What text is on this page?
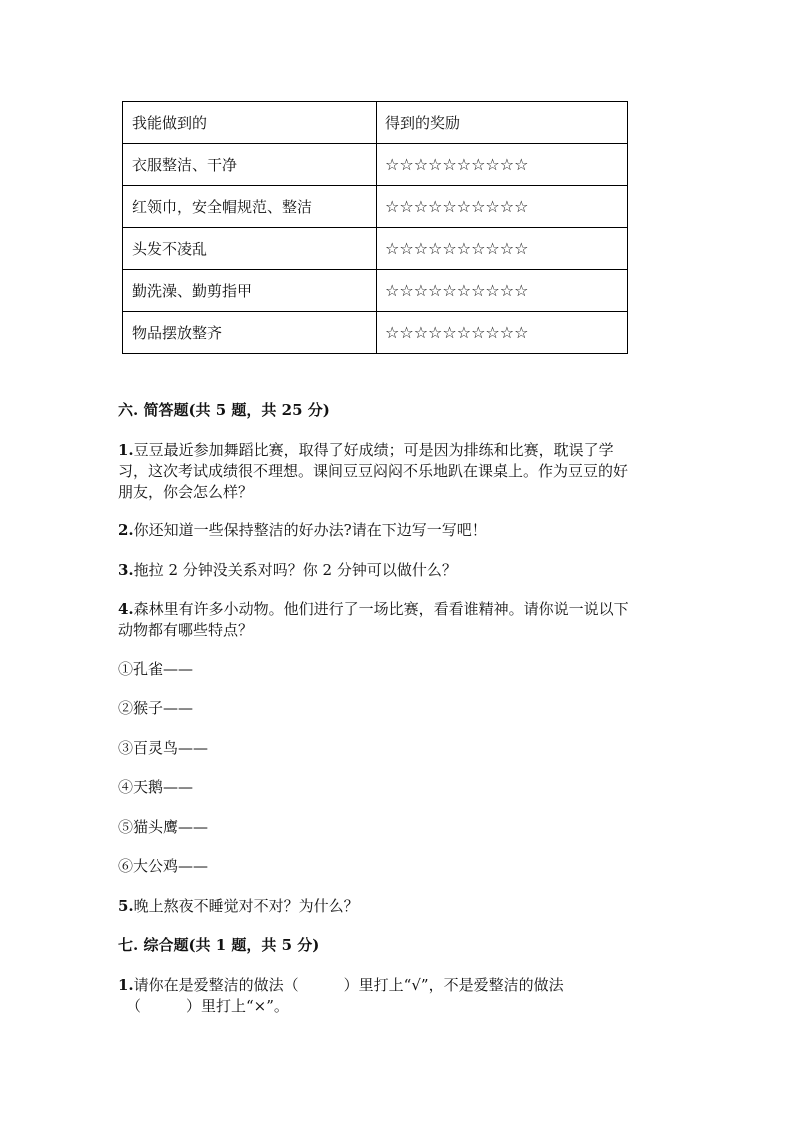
我能做到的	得到的奖励
衣服整洁、干净	☆☆☆☆☆☆☆☆☆☆
红领巾，安全帽规范、整洁	☆☆☆☆☆☆☆☆☆☆
头发不凌乱	☆☆☆☆☆☆☆☆☆☆
勤洗澡、勤剪指甲	☆☆☆☆☆☆☆☆☆☆
物品摆放整齐	☆☆☆☆☆☆☆☆☆☆
六. 简答题(共 5 题，共 25 分)
1.豆豆最近参加舞蹈比赛，取得了好成绩；可是因为排练和比赛，耽误了学
习，这次考试成绩很不理想。课间豆豆闷闷不乐地趴在课桌上。作为豆豆的好
朋友，你会怎么样？
2.你还知道一些保持整洁的好办法?请在下边写一写吧！
3.拖拉 2 分钟没关系对吗？你 2 分钟可以做什么？
4.森林里有许多小动物。他们进行了一场比赛，看看谁精神。请你说一说以下
动物都有哪些特点？
①孔雀——
②猴子——
③百灵鸟——
④天鹅——
⑤猫头鹰——
⑥大公鸡——
5.晚上熬夜不睡觉对不对？为什么？
七. 综合题(共 1 题，共 5 分)
1.请你在是爱整洁的做法（　　　）里打上“√”，不是爱整洁的做法
（　　　）里打上“×”。
